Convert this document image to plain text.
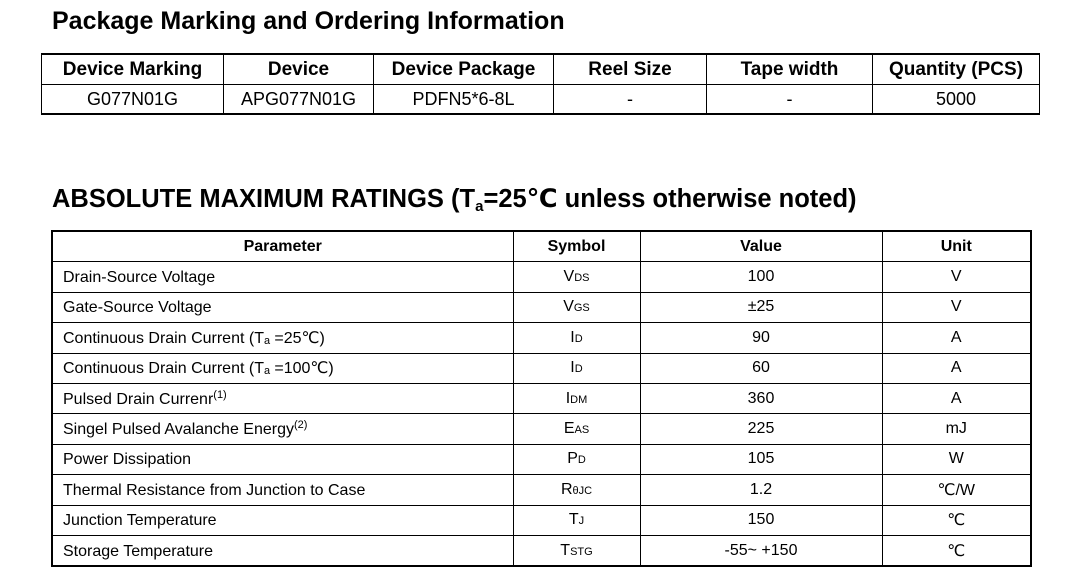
Package Marking and Ordering Information
Device Marking	Device	Device Package	Reel Size	Tape width	Quantity (PCS)
G077N01G	APG077N01G	PDFN5*6-8L	-	-	5000
ABSOLUTE MAXIMUM RATINGS ($T_a=25℃$ unless otherwise noted)
Parameter	Symbol	Value	Unit
Drain-Source Voltage	VDS	100	V
Gate-Source Voltage	VGS	±25	V
Continuous Drain Current (Tₐ =25℃)	ID	90	A
Continuous Drain Current (Tₐ =100℃)	ID	60	A
Pulsed Drain Currenr$^{(1)}$	IDM	360	A
Singel Pulsed Avalanche Energy$^{(2)}$	EAS	225	mJ
Power Dissipation	PD	105	W
Thermal Resistance from Junction to Case	RθJC	1.2	℃/W
Junction Temperature	TJ	150	℃
Storage Temperature	TSTG	-55~ +150	℃
